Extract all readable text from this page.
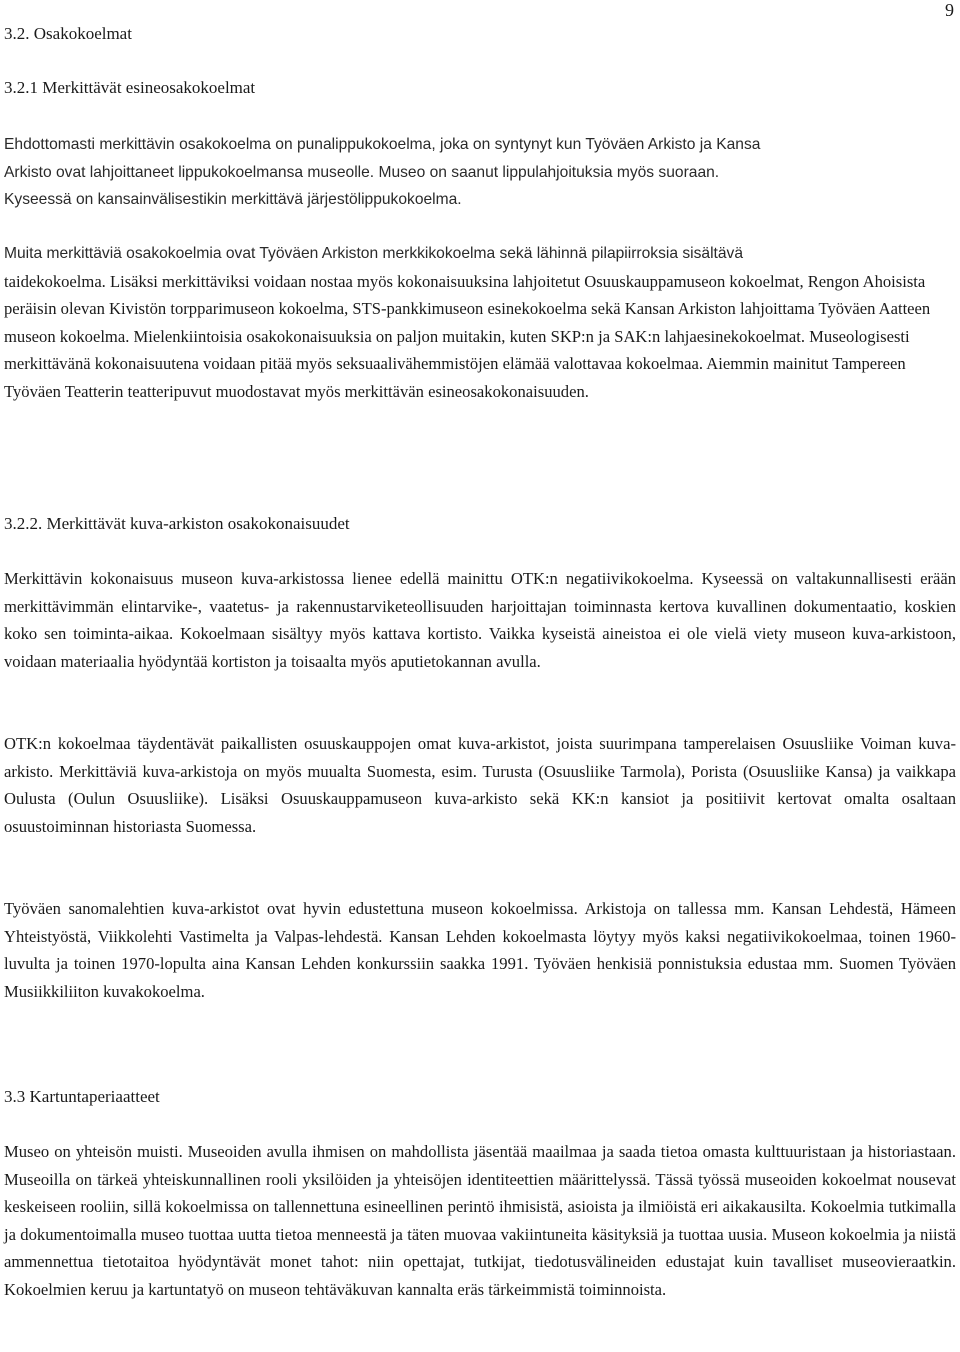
9

3.2. Osakokoelmat

3.2.1 Merkittävät esineosakokoelmat

Ehdottomasti merkittävin osakokoelma on punalippukokoelma, joka on syntynyt kun Työväen Arkisto ja Kansa
Arkisto ovat lahjoittaneet lippukokoelmansa museolle. Museo on saanut lippulahjoituksia myös suoraan.
Kyseessä on kansainvälisestikin merkittävä järjestölippukokoelma.
Muita merkittäviä osakokoelmia ovat Työväen Arkiston merkkikokoelma sekä lähinnä pilapiirroksia sisältävä
taidekokoelma. Lisäksi merkittäviksi voidaan nostaa myös kokonaisuuksina lahjoitetut Osuuskauppamuseon kokoelmat, Rengon Ahoisista peräisin olevan Kivistön torpparimuseon kokoelma, STS-pankkimuseon esinekokoelma sekä Kansan Arkiston lahjoittama Työväen Aatteen museon kokoelma. Mielenkiintoisia osakokonaisuuksia on paljon muitakin, kuten SKP:n ja SAK:n lahjaesinekokoelmat. Museologisesti merkittävänä kokonaisuutena voidaan pitää myös seksuaalivähemmistöjen elämää valottavaa kokoelmaa. Aiemmin mainitut Tampereen Työväen Teatterin teatteripuvut muodostavat myös merkittävän esineosakokonaisuuden.

3.2.2. Merkittävät kuva-arkiston osakokonaisuudet

Merkittävin kokonaisuus museon kuva-arkistossa lienee edellä mainittu OTK:n negatiivikokoelma. Kyseessä on valtakunnallisesti erään merkittävimmän elintarvike-, vaatetus- ja rakennustarviketeollisuuden harjoittajan toiminnasta kertova kuvallinen dokumentaatio, koskien koko sen toiminta-aikaa. Kokoelmaan sisältyy myös kattava kortisto. Vaikka kyseistä aineistoa ei ole vielä viety museon kuva-arkistoon, voidaan materiaalia hyödyntää kortiston ja toisaalta myös aputietokannan avulla.

OTK:n kokoelmaa täydentävät paikallisten osuuskauppojen omat kuva-arkistot, joista suurimpana tamperelaisen Osuusliike Voiman kuva-arkisto. Merkittäviä kuva-arkistoja on myös muualta Suomesta, esim. Turusta (Osuusliike Tarmola), Porista (Osuusliike Kansa) ja vaikkapa Oulusta (Oulun Osuusliike). Lisäksi Osuuskauppamuseon kuva-arkisto sekä KK:n kansiot ja positiivit kertovat omalta osaltaan osuustoiminnan historiasta Suomessa.

Työväen sanomalehtien kuva-arkistot ovat hyvin edustettuna museon kokoelmissa. Arkistoja on tallessa mm. Kansan Lehdestä, Hämeen Yhteistyöstä, Viikkolehti Vastimelta ja Valpas-lehdestä. Kansan Lehden kokoelmasta löytyy myös kaksi negatiivikokoelmaa, toinen 1960-luvulta ja toinen 1970-lopulta aina Kansan Lehden konkurssiin saakka 1991. Työväen henkisiä ponnistuksia edustaa mm. Suomen Työväen Musiikkiliiton kuvakokoelma.

3.3 Kartuntaperiaatteet

Museo on yhteisön muisti. Museoiden avulla ihmisen on mahdollista jäsentää maailmaa ja saada tietoa omasta kulttuuristaan ja historiastaan. Museoilla on tärkeä yhteiskunnallinen rooli yksilöiden ja yhteisöjen identiteettien määrittelyssä. Tässä työssä museoiden kokoelmat nousevat keskeiseen rooliin, sillä kokoelmissa on tallennettuna esineellinen perintö ihmisistä, asioista ja ilmiöistä eri aikakausilta. Kokoelmia tutkimalla ja dokumentoimalla museo tuottaa uutta tietoa menneestä ja täten muovaa vakiintuneita käsityksiä ja tuottaa uusia. Museon kokoelmia ja niistä ammennettua tietotaitoa hyödyntävät monet tahot: niin opettajat, tutkijat, tiedotusvälineiden edustajat kuin tavalliset museovieraatkin. Kokoelmien keruu ja kartuntatyö on museon tehtäväkuvan kannalta eräs tärkeimmistä toiminnoista.
